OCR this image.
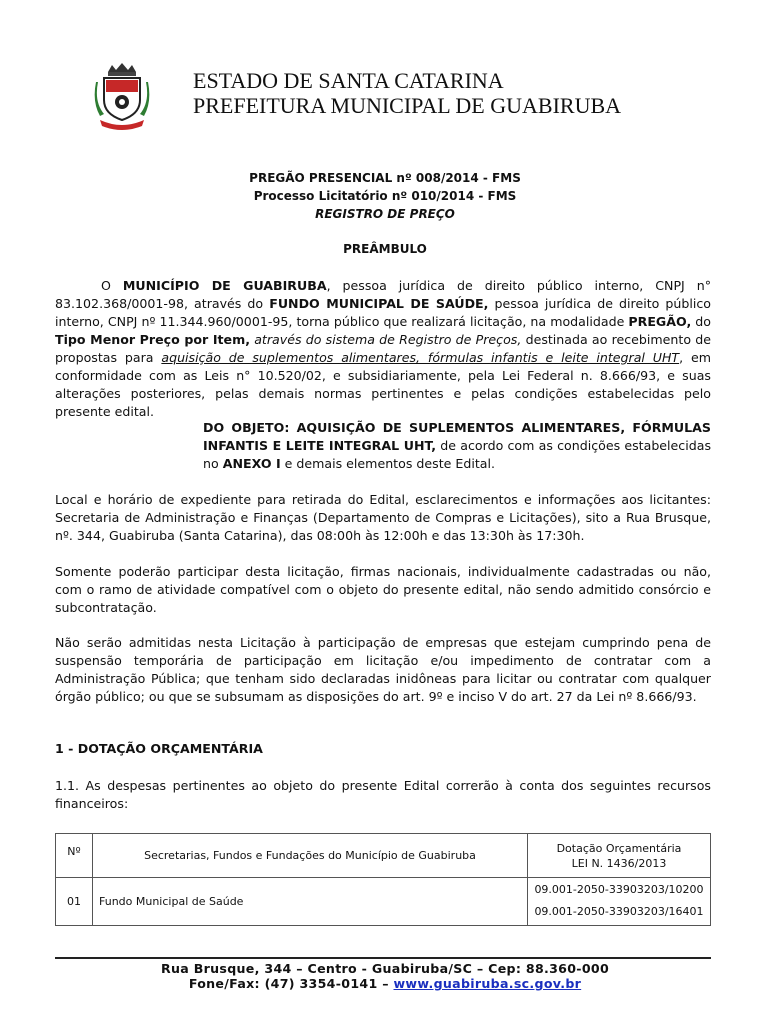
ESTADO DE SANTA CATARINA
PREFEITURA MUNICIPAL DE GUABIRUBA
PREGÃO PRESENCIAL nº 008/2014 - FMS
Processo Licitatório nº 010/2014 - FMS
REGISTRO DE PREÇO
PREÂMBULO
O MUNICÍPIO DE GUABIRUBA, pessoa jurídica de direito público interno, CNPJ n° 83.102.368/0001-98, através do FUNDO MUNICIPAL DE SAÚDE, pessoa jurídica de direito público interno, CNPJ nº 11.344.960/0001-95, torna público que realizará licitação, na modalidade PREGÃO, do Tipo Menor Preço por Item, através do sistema de Registro de Preços, destinada ao recebimento de propostas para aquisição de suplementos alimentares, fórmulas infantis e leite integral UHT, em conformidade com as Leis n° 10.520/02, e subsidiariamente, pela Lei Federal n. 8.666/93, e suas alterações posteriores, pelas demais normas pertinentes e pelas condições estabelecidas pelo presente edital.
DO OBJETO: AQUISIÇÃO DE SUPLEMENTOS ALIMENTARES, FÓRMULAS INFANTIS E LEITE INTEGRAL UHT, de acordo com as condições estabelecidas no ANEXO I e demais elementos deste Edital.
Local e horário de expediente para retirada do Edital, esclarecimentos e informações aos licitantes: Secretaria de Administração e Finanças (Departamento de Compras e Licitações), sito a Rua Brusque, nº. 344, Guabiruba (Santa Catarina), das 08:00h às 12:00h e das 13:30h às 17:30h.
Somente poderão participar desta licitação, firmas nacionais, individualmente cadastradas ou não, com o ramo de atividade compatível com o objeto do presente edital, não sendo admitido consórcio e subcontratação.
Não serão admitidas nesta Licitação à participação de empresas que estejam cumprindo pena de suspensão temporária de participação em licitação e/ou impedimento de contratar com a Administração Pública; que tenham sido declaradas inidôneas para licitar ou contratar com qualquer órgão público; ou que se subsumam as disposições do art. 9º e inciso V do art. 27 da Lei nº 8.666/93.
1 - DOTAÇÃO ORÇAMENTÁRIA
1.1. As despesas pertinentes ao objeto do presente Edital correrão à conta dos seguintes recursos financeiros:
Nº	Secretarias, Fundos e Fundações do Município de Guabiruba	Dotação Orçamentária
LEI N. 1436/2013

01	Fundo Municipal de Saúde	09.001-2050-33903203/10200
09.001-2050-33903203/16401
Rua Brusque, 344 – Centro - Guabiruba/SC – Cep: 88.360-000
Fone/Fax: (47) 3354-0141 – www.guabiruba.sc.gov.br
